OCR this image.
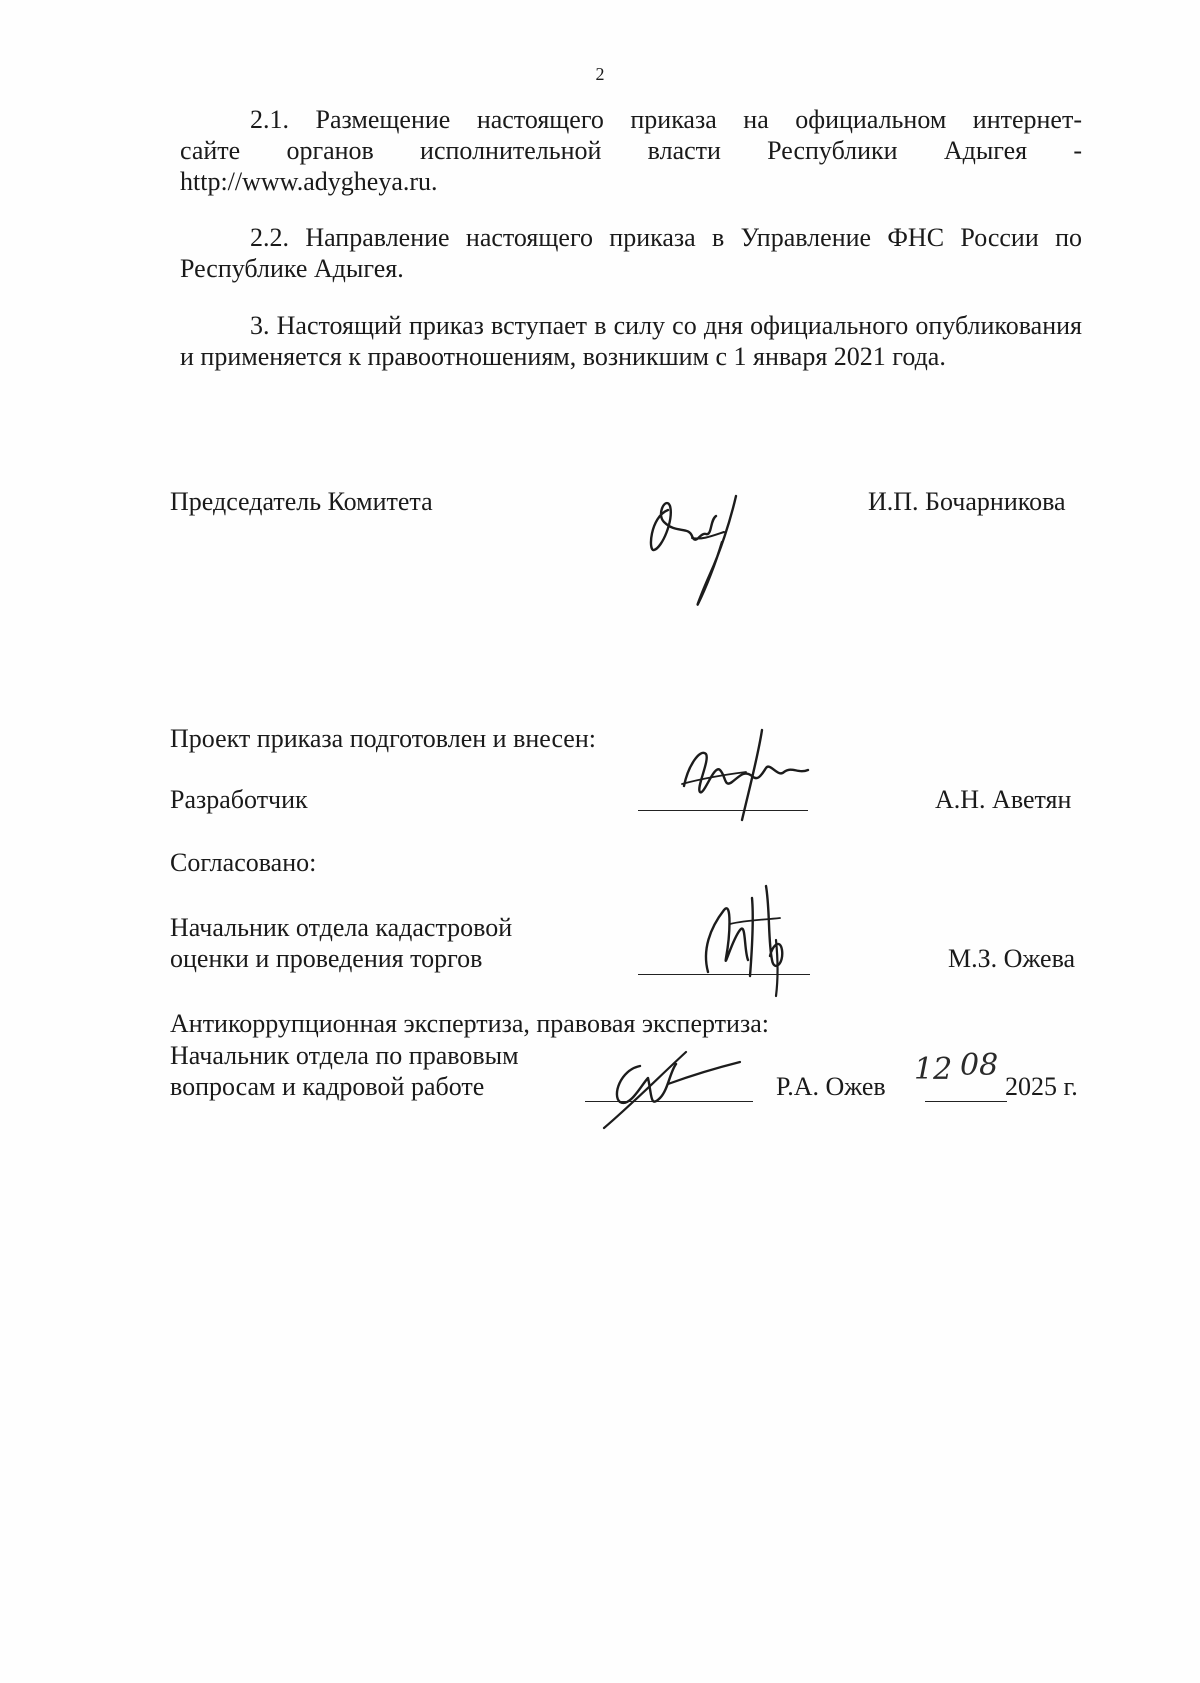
2
2.1. Размещение настоящего приказа на официальном интернет-
сайте органов исполнительной власти Республики Адыгея -
http://www.adygheya.ru.
2.2. Направление настоящего приказа в Управление ФНС России по Республике Адыгея.
3. Настоящий приказ вступает в силу со дня официального опубликования и применяется к правоотношениям, возникшим с 1 января 2021 года.
Председатель Комитета	И.П. Бочарникова
Проект приказа подготовлен и внесен:
Разработчик	А.Н. Аветян
Согласовано:
Начальник отдела кадастровой
оценки и проведения торгов	М.З. Ожева
Антикоррупционная экспертиза, правовая экспертиза:
Начальник отдела по правовым
вопросам и кадровой работе	Р.А. Ожев 12 08
2025 г.
